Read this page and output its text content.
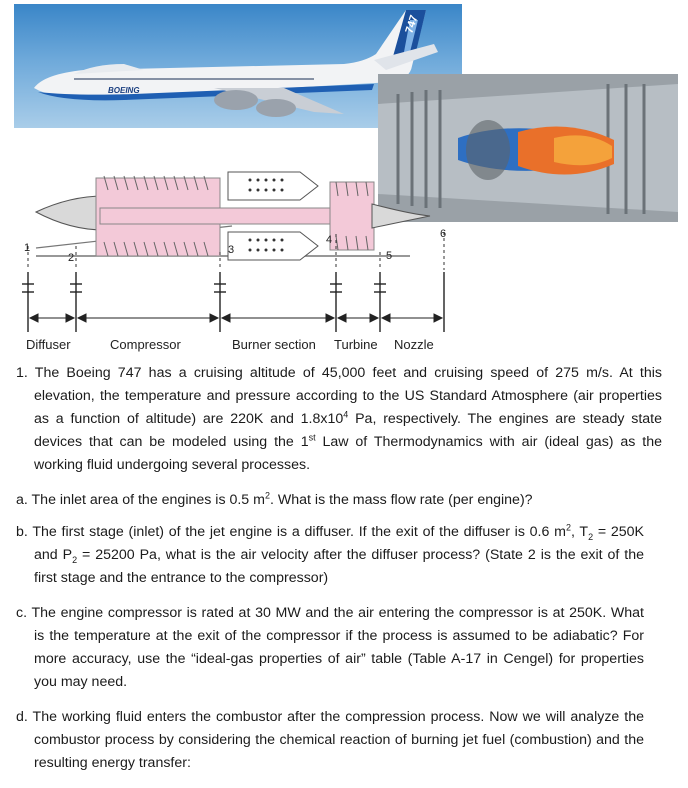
BOEING
747
1
2
3
4
5
6
Diffuser	Compressor	Burner section Turbine Nozzle
1. The Boeing 747 has a cruising altitude of 45,000 feet and cruising speed of 275 m/s. At this elevation, the temperature and pressure according to the US Standard Atmosphere (air properties as a function of altitude) are 220K and $1.8x10^4$ Pa, respectively. The engines are steady state devices that can be modeled using the 1st Law of Thermodynamics with air (ideal gas) as the working fluid undergoing several processes.

a. The inlet area of the engines is 0.5 $m^2$. What is the mass flow rate (per engine)?

b. The first stage (inlet) of the jet engine is a diffuser. If the exit of the diffuser is 0.6 $m^2$, $T_2 = 250K$ and $P_2 = 25200$ Pa, what is the air velocity after the diffuser process? (State 2 is the exit of the first stage and the entrance to the compressor)

c. The engine compressor is rated at 30 MW and the air entering the compressor is at 250K. What is the temperature at the exit of the compressor if the process is assumed to be adiabatic? For more accuracy, use the “ideal-gas properties of air” table (Table A-17 in Cengel) for properties you may need.

d. The working fluid enters the combustor after the compression process. Now we will analyze the combustor process by considering the chemical reaction of burning jet fuel (combustion) and the resulting energy transfer:
